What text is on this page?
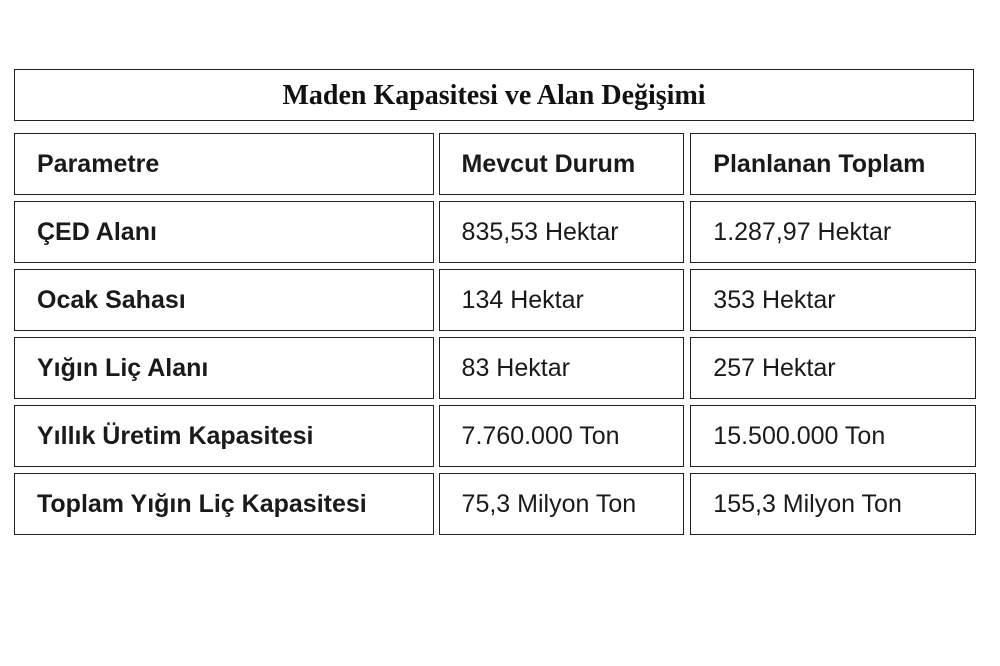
Maden Kapasitesi ve Alan Değişimi
Parametre	Mevcut Durum	Planlanan Toplam
ÇED Alanı	835,53 Hektar	1.287,97 Hektar
Ocak Sahası	134 Hektar	353 Hektar
Yığın Liç Alanı	83 Hektar	257 Hektar
Yıllık Üretim Kapasitesi	7.760.000 Ton	15.500.000 Ton
Toplam Yığın Liç Kapasitesi	75,3 Milyon Ton	155,3 Milyon Ton
